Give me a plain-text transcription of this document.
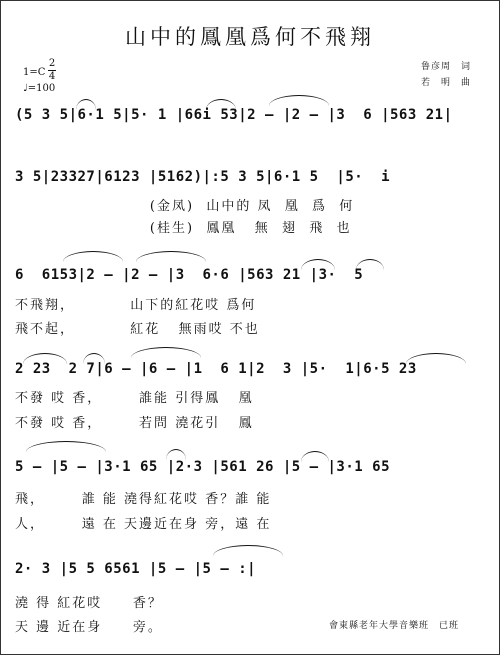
山中的鳳凰爲何不飛翔
1=C
2
4
♩=100
鲁彦周　词
若　明　曲
(5 3 5|6·1 5|5· 1 |66i 53|2 – |2 – |3  6 |563 21|
3 5|23327|6123 |5162)|:5 3 5|6·1 5  |5·  i
(金凤)  山中的 凤  凰  爲  何
(桂生)  鳳凰   無  翅  飛  也
6  6153|2 – |2 – |3  6·6 |563 21 |3·  5
不飛翔，         山下的紅花哎 爲何
飛不起，         紅花   無雨哎 不也
2 23  2 7|6 – |6 – |1  6 1|2  3 |5·  1|6·5 23
不發 哎 香，      誰能 引得鳳   凰
不發 哎 香，      若問 澆花引   鳳
5 – |5 – |3·1 65 |2·3 |561 26 |5 – |3·1 65
飛，      誰 能 澆得紅花哎 香？誰 能
人，      遠 在 天邊近在身 旁，遠 在
2· 3 |5 5 6561 |5 – |5 – :|
澆 得 紅花哎     香？
天 邊 近在身     旁。	會東縣老年大學音樂班　已班
